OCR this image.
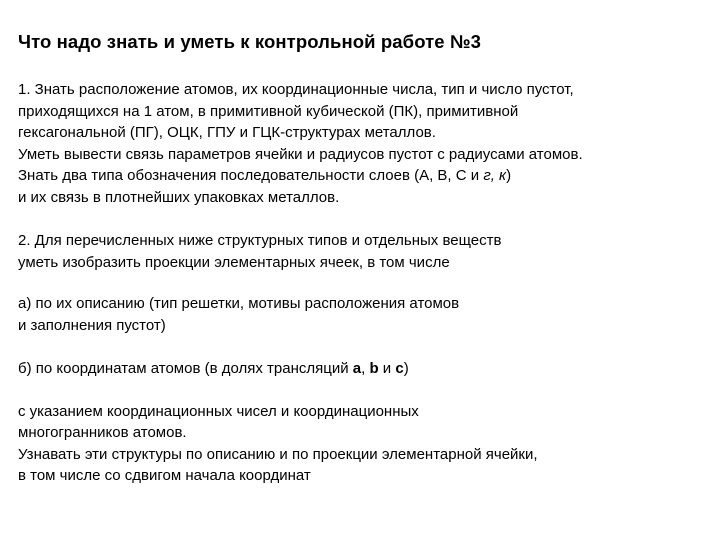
Что надо знать и уметь к контрольной работе №3
1. Знать расположение атомов, их координационные числа, тип и число пустот,
приходящихся на 1 атом, в примитивной кубической (ПК), примитивной
гексагональной (ПГ), ОЦК, ГПУ и ГЦК-структурах металлов.
Уметь вывести связь параметров ячейки и радиусов пустот с радиусами атомов.
Знать два типа обозначения последовательности слоев (А, В, С и г, к)
и их связь в плотнейших упаковках металлов.
2. Для перечисленных ниже структурных типов и отдельных веществ
уметь изобразить проекции элементарных ячеек, в том числе
а) по их описанию (тип решетки, мотивы расположения атомов
и заполнения пустот)
б) по координатам атомов (в долях трансляций a, b и c)
с указанием координационных чисел и координационных
многогранников атомов.
Узнавать эти структуры по описанию и по проекции элементарной ячейки,
в том числе со сдвигом начала координат
